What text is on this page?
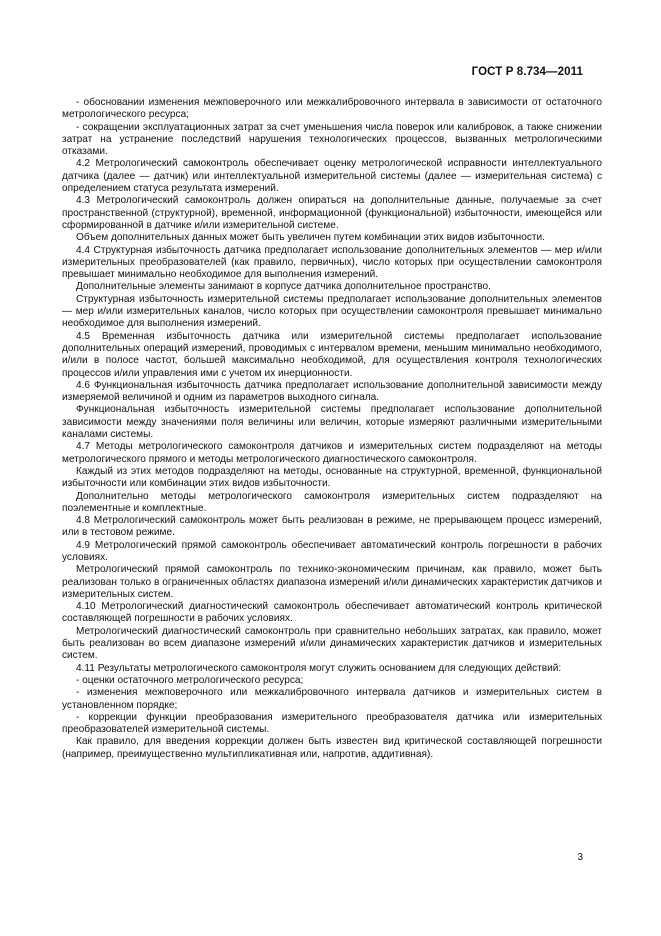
ГОСТ Р 8.734—2011

- обосновании изменения межповерочного или межкалибровочного интервала в зависимости от остаточного метрологического ресурса;

- сокращении эксплуатационных затрат за счет уменьшения числа поверок или калибровок, а также снижении затрат на устранение последствий нарушения технологических процессов, вызванных метрологическими отказами.

4.2 Метрологический самоконтроль обеспечивает оценку метрологической исправности интеллектуального датчика (далее — датчик) или интеллектуальной измерительной системы (далее — измерительная система) с определением статуса результата измерений.

4.3 Метрологический самоконтроль должен опираться на дополнительные данные, получаемые за счет пространственной (структурной), временной, информационной (функциональной) избыточности, имеющейся или сформированной в датчике и/или измерительной системе.

Объем дополнительных данных может быть увеличен путем комбинации этих видов избыточности.

4.4 Структурная избыточность датчика предполагает использование дополнительных элементов — мер и/или измерительных преобразователей (как правило, первичных), число которых при осуществлении самоконтроля превышает минимально необходимое для выполнения измерений.

Дополнительные элементы занимают в корпусе датчика дополнительное пространство.

Структурная избыточность измерительной системы предполагает использование дополнительных элементов — мер и/или измерительных каналов, число которых при осуществлении самоконтроля превышает минимально необходимое для выполнения измерений.

4.5 Временная избыточность датчика или измерительной системы предполагает использование дополнительных операций измерений, проводимых с интервалом времени, меньшим минимально необходимого, и/или в полосе частот, большей максимально необходимой, для осуществления контроля технологических процессов и/или управления ими с учетом их инерционности.

4.6 Функциональная избыточность датчика предполагает использование дополнительной зависимости между измеряемой величиной и одним из параметров выходного сигнала.

Функциональная избыточность измерительной системы предполагает использование дополнительной зависимости между значениями поля величины или величин, которые измеряют различными измерительными каналами системы.

4.7 Методы метрологического самоконтроля датчиков и измерительных систем подразделяют на методы метрологического прямого и методы метрологического диагностического самоконтроля.

Каждый из этих методов подразделяют на методы, основанные на структурной, временной, функциональной избыточности или комбинации этих видов избыточности.

Дополнительно методы метрологического самоконтроля измерительных систем подразделяют на поэлементные и комплектные.

4.8 Метрологический самоконтроль может быть реализован в режиме, не прерывающем процесс измерений, или в тестовом режиме.

4.9 Метрологический прямой самоконтроль обеспечивает автоматический контроль погрешности в рабочих условиях.

Метрологический прямой самоконтроль по технико-экономическим причинам, как правило, может быть реализован только в ограниченных областях диапазона измерений и/или динамических характеристик датчиков и измерительных систем.

4.10 Метрологический диагностический самоконтроль обеспечивает автоматический контроль критической составляющей погрешности в рабочих условиях.

Метрологический диагностический самоконтроль при сравнительно небольших затратах, как правило, может быть реализован во всем диапазоне измерений и/или динамических характеристик датчиков и измерительных систем.

4.11 Результаты метрологического самоконтроля могут служить основанием для следующих действий:

- оценки остаточного метрологического ресурса;

- изменения межповерочного или межкалибровочного интервала датчиков и измерительных систем в установленном порядке;

- коррекции функции преобразования измерительного преобразователя датчика или измерительных преобразователей измерительной системы.

Как правило, для введения коррекции должен быть известен вид критической составляющей погрешности (например, преимущественно мультипликативная или, напротив, аддитивная).

3
